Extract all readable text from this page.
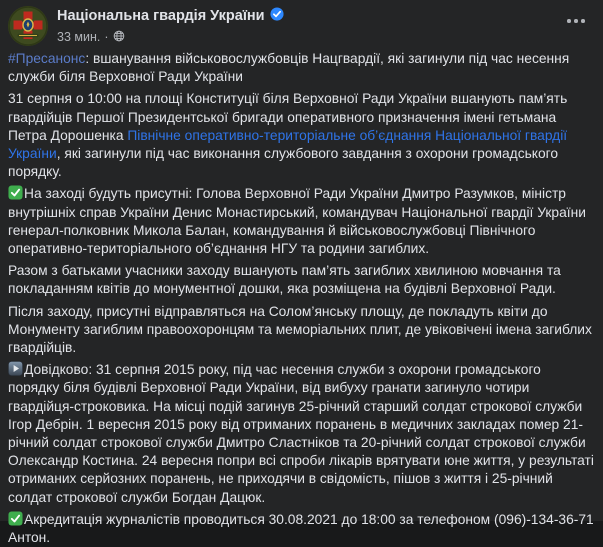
Національна гвардія України
33 мин. ·
#Пресанонс: вшанування військовослужбовців Нацгвардії, які загинули під час несення служби біля Верховної Ради України
31 серпня о 10:00 на площі Конституції біля Верховної Ради України вшанують пам’ять гвардійців Першої Президентської бригади оперативного призначення імені гетьмана Петра Дорошенка Північне оперативно-територіальне об’єднання Національної гвардії України, які загинули під час виконання службового завдання з охорони громадського порядку.
На заході будуть присутні: Голова Верховної Ради України Дмитро Разумков, міністр внутрішніх справ України Денис Монастирський, командувач Національної гвардії України генерал-полковник Микола Балан, командування й військовослужбовці Північного оперативно-територіального об’єднання НГУ та родини загиблих.
Разом з батьками учасники заходу вшанують пам’ять загиблих хвилиною мовчання та покладанням квітів до монументної дошки, яка розміщена на будівлі Верховної Ради.
Після заходу, присутні відправляться на Солом’янську площу, де покладуть квіти до Монументу загиблим правоохоронцям та меморіальних плит, де увіковічені імена загиблих гвардійців.
Довідково: 31 серпня 2015 року, під час несення служби з охорони громадського порядку біля будівлі Верховної Ради України, від вибуху гранати загинуло чотири гвардійця-строковика. На місці подій загинув 25-річний старший солдат строкової служби Ігор Дебрін. 1 вересня 2015 року від отриманих поранень в медичних закладах помер 21-річний солдат строкової служби Дмитро Сластніков та 20-річний солдат строкової служби Олександр Костина. 24 вересня попри всі спроби лікарів врятувати юне життя, у результаті отриманих серйозних поранень, не приходячи в свідомість, пішов з життя і 25-річний солдат строкової служби Богдан Дацюк.
Акредитація журналістів проводиться 30.08.2021 до 18:00 за телефоном (096)-134-36-71 Антон.
